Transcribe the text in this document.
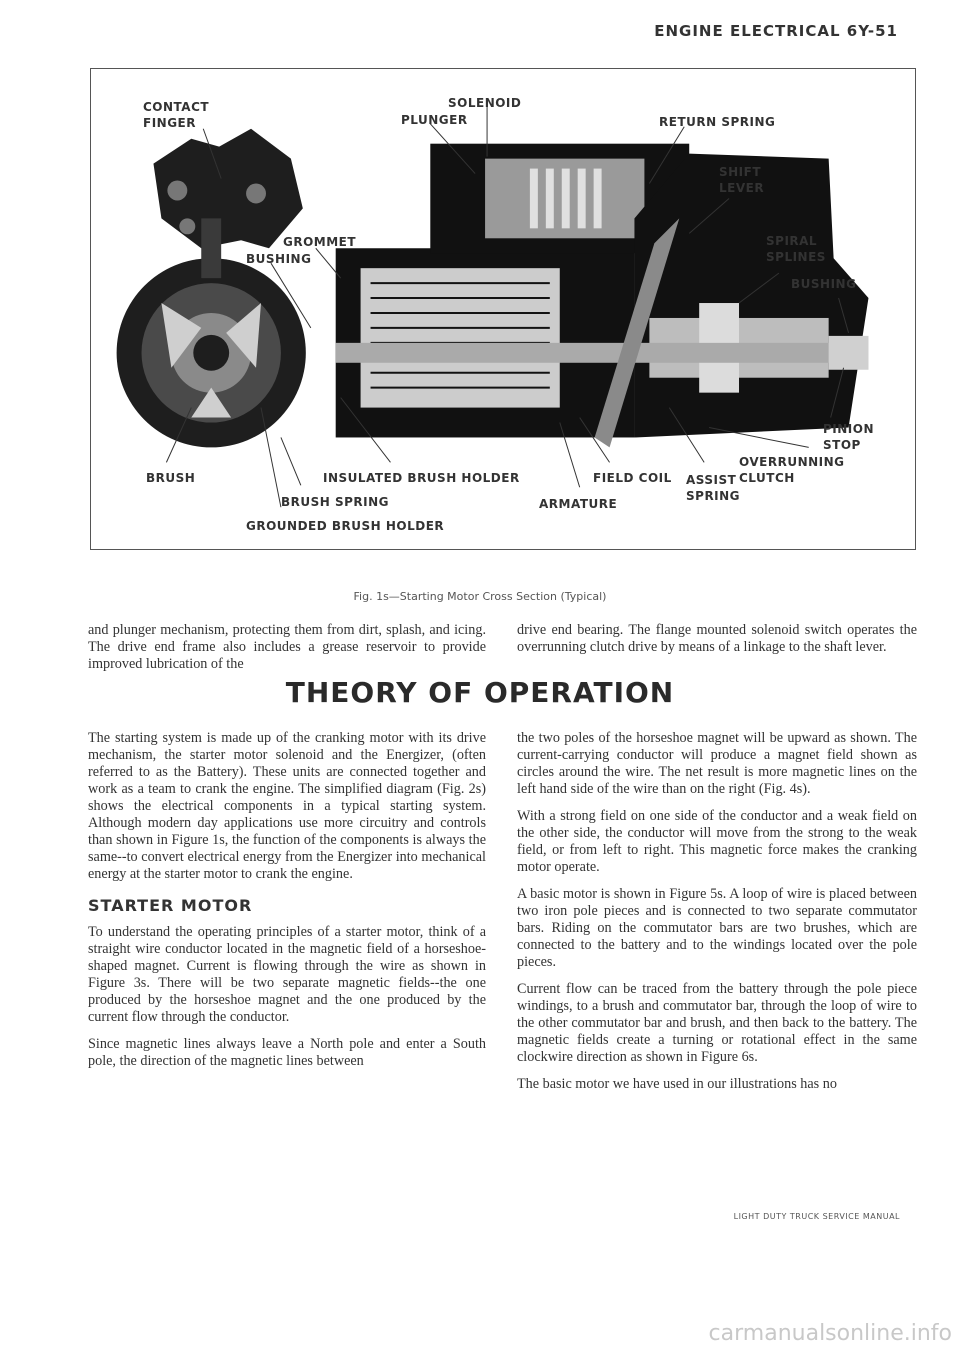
ENGINE ELECTRICAL 6Y-51
CONTACT
FINGER
SOLENOID
PLUNGER	RETURN SPRING
SHIFT
LEVER
GROMMET	SPIRAL
SPLINES
BUSHING
BUSHING
PINION
STOP
OVERRUNNING
CLUTCH
BRUSH	INSULATED BRUSH HOLDER	FIELD COIL ASSIST
SPRING
BRUSH SPRING	ARMATURE
GROUNDED BRUSH HOLDER
Fig. 1s—Starting Motor Cross Section (Typical)

and plunger mechanism, protecting them from dirt, splash, and icing. The drive end frame also includes a grease reservoir to provide improved lubrication of the

drive end bearing. The flange mounted solenoid switch operates the overrunning clutch drive by means of a linkage to the shaft lever.

THEORY OF OPERATION

The starting system is made up of the cranking motor with its drive mechanism, the starter motor solenoid and the Energizer, (often referred to as the Battery). These units are connected together and work as a team to crank the engine. The simplified diagram (Fig. 2s) shows the electrical components in a typical starting system. Although modern day applications use more circuitry and controls than shown in Figure 1s, the function of the components is always the same--to convert electrical energy from the Energizer into mechanical energy at the starter motor to crank the engine.

STARTER MOTOR

To understand the operating principles of a starter motor, think of a straight wire conductor located in the magnetic field of a horseshoe-shaped magnet. Current is flowing through the wire as shown in Figure 3s. There will be two separate magnetic fields--the one produced by the horseshoe magnet and the one produced by the current flow through the conductor.

Since magnetic lines always leave a North pole and enter a South pole, the direction of the magnetic lines between

the two poles of the horseshoe magnet will be upward as shown. The current-carrying conductor will produce a magnet field shown as circles around the wire. The net result is more magnetic lines on the left hand side of the wire than on the right (Fig. 4s).

With a strong field on one side of the conductor and a weak field on the other side, the conductor will move from the strong to the weak field, or from left to right. This magnetic force makes the cranking motor operate.

A basic motor is shown in Figure 5s. A loop of wire is placed between two iron pole pieces and is connected to two separate commutator bars. Riding on the commutator bars are two brushes, which are connected to the battery and to the windings located over the pole pieces.

Current flow can be traced from the battery through the pole piece windings, to a brush and commutator bar, through the loop of wire to the other commutator bar and brush, and then back to the battery. The magnetic fields create a turning or rotational effect in the same clockwire direction as shown in Figure 6s.

The basic motor we have used in our illustrations has no

LIGHT DUTY TRUCK SERVICE MANUAL
carmanualsonline.info
